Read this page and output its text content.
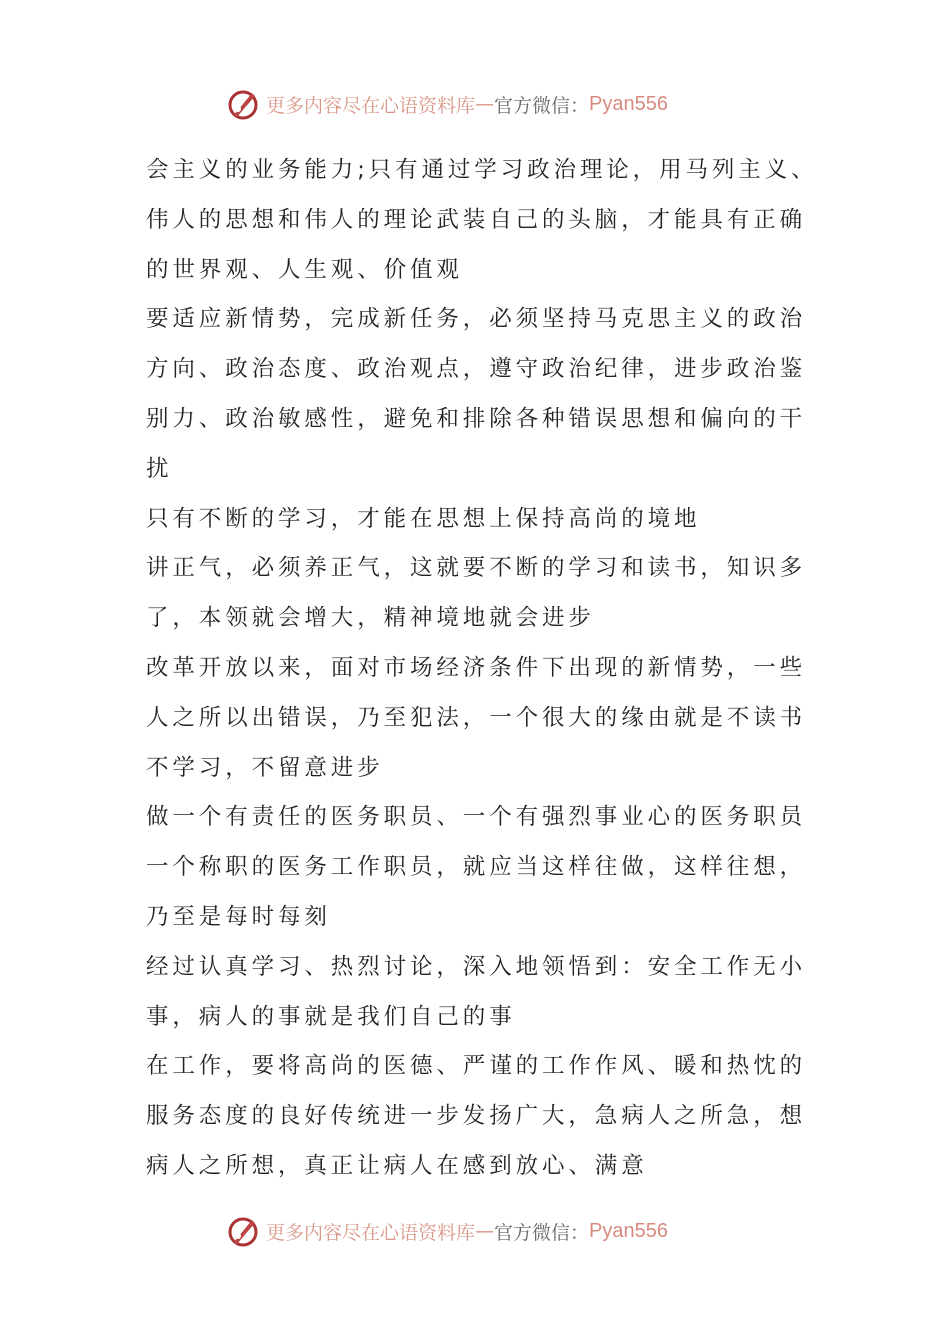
更多内容尽在心语资料库 — 官方微信： Pyan556
会主义的业务能力;只有通过学习政治理论，用马列主义、
伟人的思想和伟人的理论武装自己的头脑，才能具有正确
的世界观、人生观、价值观
要适应新情势，完成新任务，必须坚持马克思主义的政治
方向、政治态度、政治观点，遵守政治纪律，进步政治鉴
别力、政治敏感性，避免和排除各种错误思想和偏向的干
扰
只有不断的学习，才能在思想上保持高尚的境地
讲正气，必须养正气，这就要不断的学习和读书，知识多
了，本领就会增大，精神境地就会进步
改革开放以来，面对市场经济条件下出现的新情势，一些
人之所以出错误，乃至犯法，一个很大的缘由就是不读书
不学习，不留意进步
做一个有责任的医务职员、一个有强烈事业心的医务职员
一个称职的医务工作职员，就应当这样往做，这样往想，
乃至是每时每刻
经过认真学习、热烈讨论，深入地领悟到：安全工作无小
事，病人的事就是我们自己的事
在工作，要将高尚的医德、严谨的工作作风、暖和热忱的
服务态度的良好传统进一步发扬广大，急病人之所急，想
病人之所想，真正让病人在感到放心、满意
更多内容尽在心语资料库 — 官方微信： Pyan556
